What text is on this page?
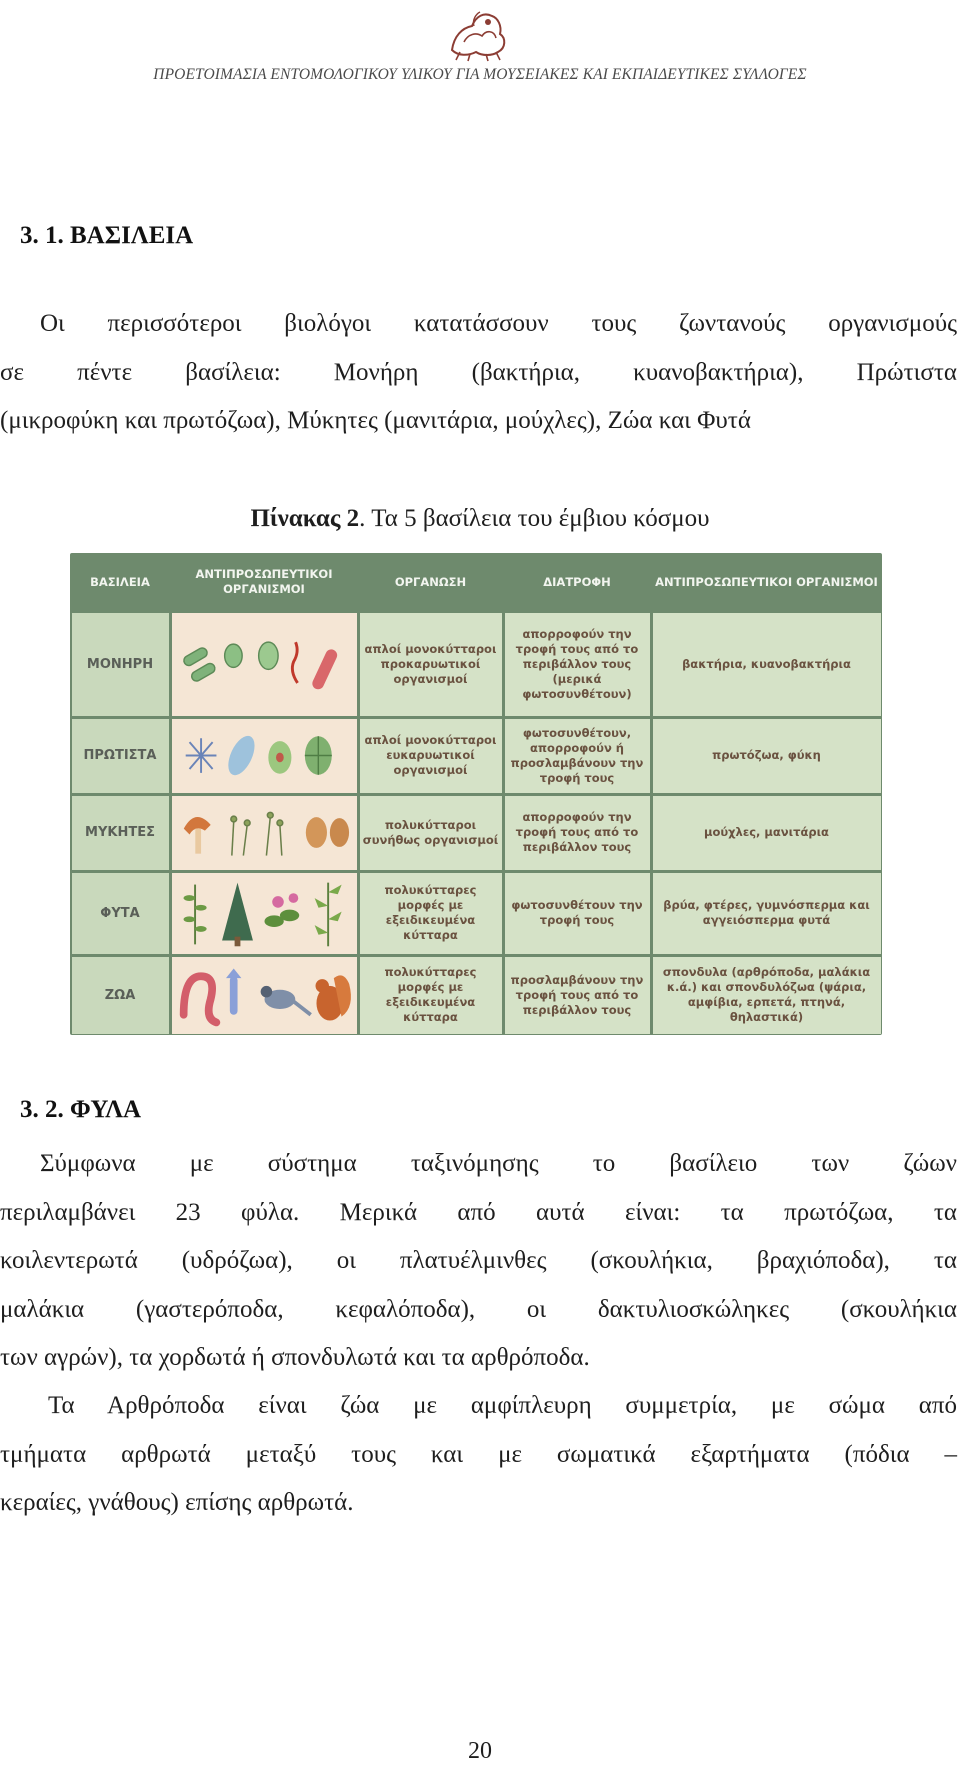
ΠΡΟΕΤΟΙΜΑΣΙΑ ΕΝΤΟΜΟΛΟΓΙΚΟΥ ΥΛΙΚΟΥ ΓΙΑ ΜΟΥΣΕΙΑΚΕΣ ΚΑΙ ΕΚΠΑΙΔΕΥΤΙΚΕΣ ΣΥΛΛΟΓΕΣ
3. 1. ΒΑΣΙΛΕΙΑ
Οι περισσότεροι βιολόγοι κατατάσσουν τους ζωντανούς οργανισμούς
σε πέντε βασίλεια: Μονήρη (βακτήρια, κυανοβακτήρια), Πρώτιστα
(μικροφύκη και πρωτόζωα), Μύκητες (μανιτάρια, μούχλες), Ζώα και Φυτά
Πίνακας 2. Τα 5 βασίλεια του έμβιου κόσμου
ΒΑΣΙΛΕΙΑ
ΑΝΤΙΠΡΟΣΩΠΕΥΤΙΚΟΙ ΟΡΓΑΝΙΣΜΟΙ
ΟΡΓΑΝΩΣΗ	ΔΙΑΤΡΟΦΗ	ΑΝΤΙΠΡΟΣΩΠΕΥΤΙΚΟΙ ΟΡΓΑΝΙΣΜΟΙ
ΜΟΝΗΡΗ
απλοί μονοκύτταροι προκαρυωτικοί οργανισμοί
απορροφούν την τροφή τους από το περιβάλλον τους (μερικά φωτοσυνθέτουν)
βακτήρια, κυανοβακτήρια
ΠΡΩΤΙΣΤΑ
απλοί μονοκύτταροι ευκαρυωτικοί οργανισμοί
φωτοσυνθέτουν, απορροφούν ή προσλαμβάνουν την τροφή τους
πρωτόζωα, φύκη
ΜΥΚΗΤΕΣ
πολυκύτταροι συνήθως οργανισμοί
απορροφούν την τροφή τους από το περιβάλλον τους
μούχλες, μανιτάρια
ΦΥΤΑ
πολυκύτταρες μορφές με εξειδικευμένα κύτταρα
φωτοσυνθέτουν την τροφή τους
βρύα, φτέρες, γυμνόσπερμα και αγγειόσπερμα φυτά
ΖΩΑ
πολυκύτταρες μορφές με εξειδικευμένα κύτταρα
προσλαμβάνουν την τροφή τους από το περιβάλλον τους
σπονδυλα (αρθρόποδα, μαλάκια κ.ά.) και σπονδυλόζωα (ψάρια, αμφίβια, ερπετά, πτηνά, θηλαστικά)
3. 2. ΦΥΛΑ
Σύμφωνα με σύστημα ταξινόμησης το βασίλειο των ζώων
περιλαμβάνει 23 φύλα. Μερικά από αυτά είναι: τα πρωτόζωα, τα
κοιλεντερωτά (υδρόζωα), οι πλατυέλμινθες (σκουλήκια, βραχιόποδα), τα
μαλάκια (γαστερόποδα, κεφαλόποδα), οι δακτυλιοσκώληκες (σκουλήκια
των αγρών), τα χορδωτά ή σπονδυλωτά και τα αρθρόποδα.
Τα Αρθρόποδα είναι ζώα με αμφίπλευρη συμμετρία, με σώμα από
τμήματα αρθρωτά μεταξύ τους και με σωματικά εξαρτήματα (πόδια –
κεραίες, γνάθους) επίσης αρθρωτά.
20
